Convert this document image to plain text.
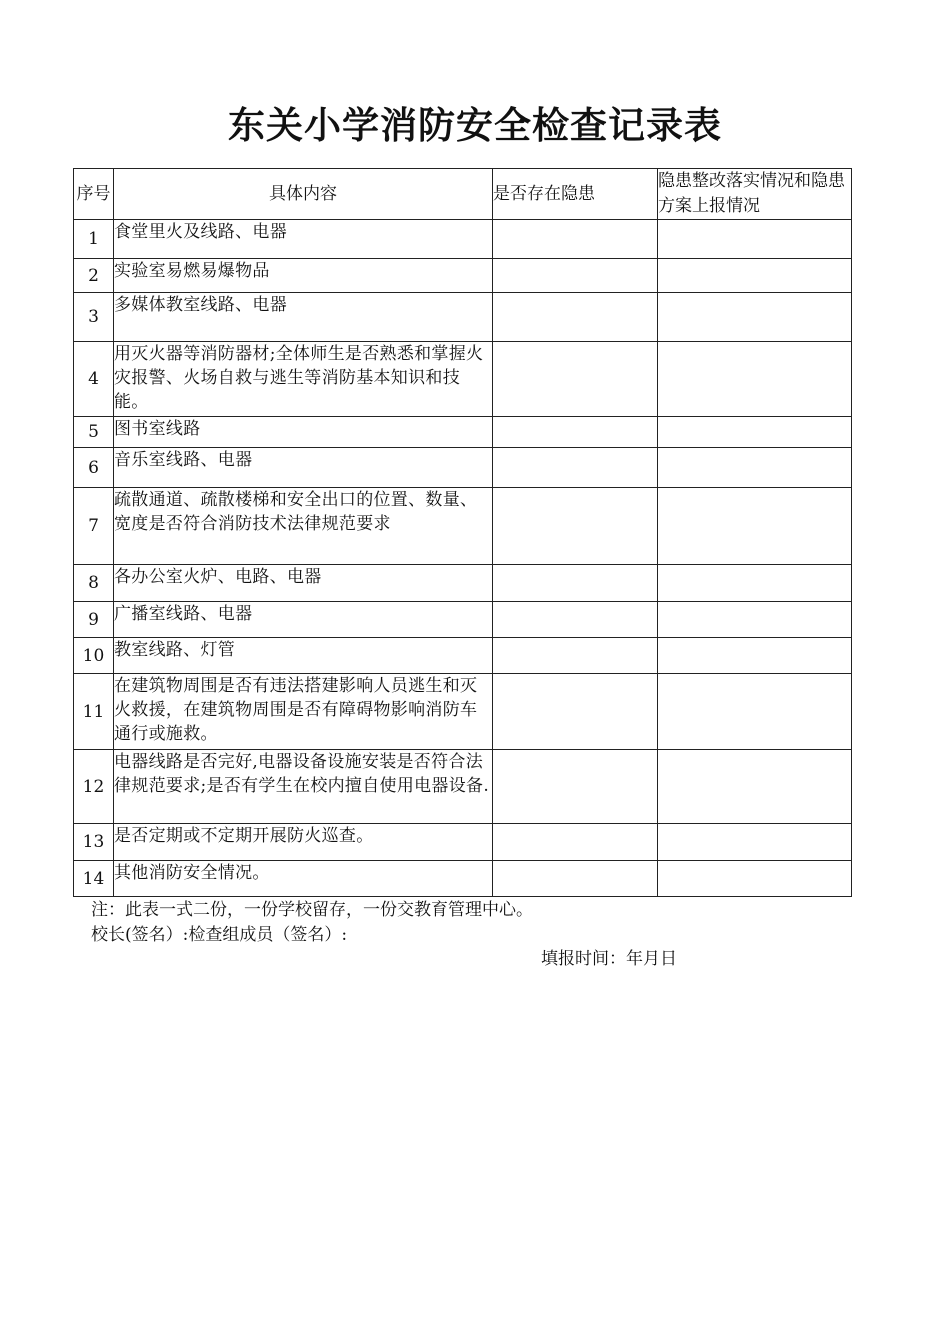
东关小学消防安全检查记录表
序号	具体内容	是否存在隐患	隐患整改落实情况和隐患方案上报情况
1	食堂里火及线路、电器		
2	实验室易燃易爆物品		
3	多媒体教室线路、电器		
4	用灭火器等消防器材;全体师生是否熟悉和掌握火灾报警、火场自救与逃生等消防基本知识和技能。		
5	图书室线路		
6	音乐室线路、电器		
7	疏散通道、疏散楼梯和安全出口的位置、数量、宽度是否符合消防技术法律规范要求		
8	各办公室火炉、电路、电器		
9	广播室线路、电器		
10	教室线路、灯管		
11	在建筑物周围是否有违法搭建影响人员逃生和灭火救援，在建筑物周围是否有障碍物影响消防车通行或施救。		
12	电器线路是否完好,电器设备设施安装是否符合法律规范要求;是否有学生在校内擅自使用电器设备.		
13	是否定期或不定期开展防火巡查。		
14	其他消防安全情况。		
注：此表一式二份，一份学校留存，一份交教育管理中心。
校长(签名）:检查组成员（签名）:
填报时间：年月日
